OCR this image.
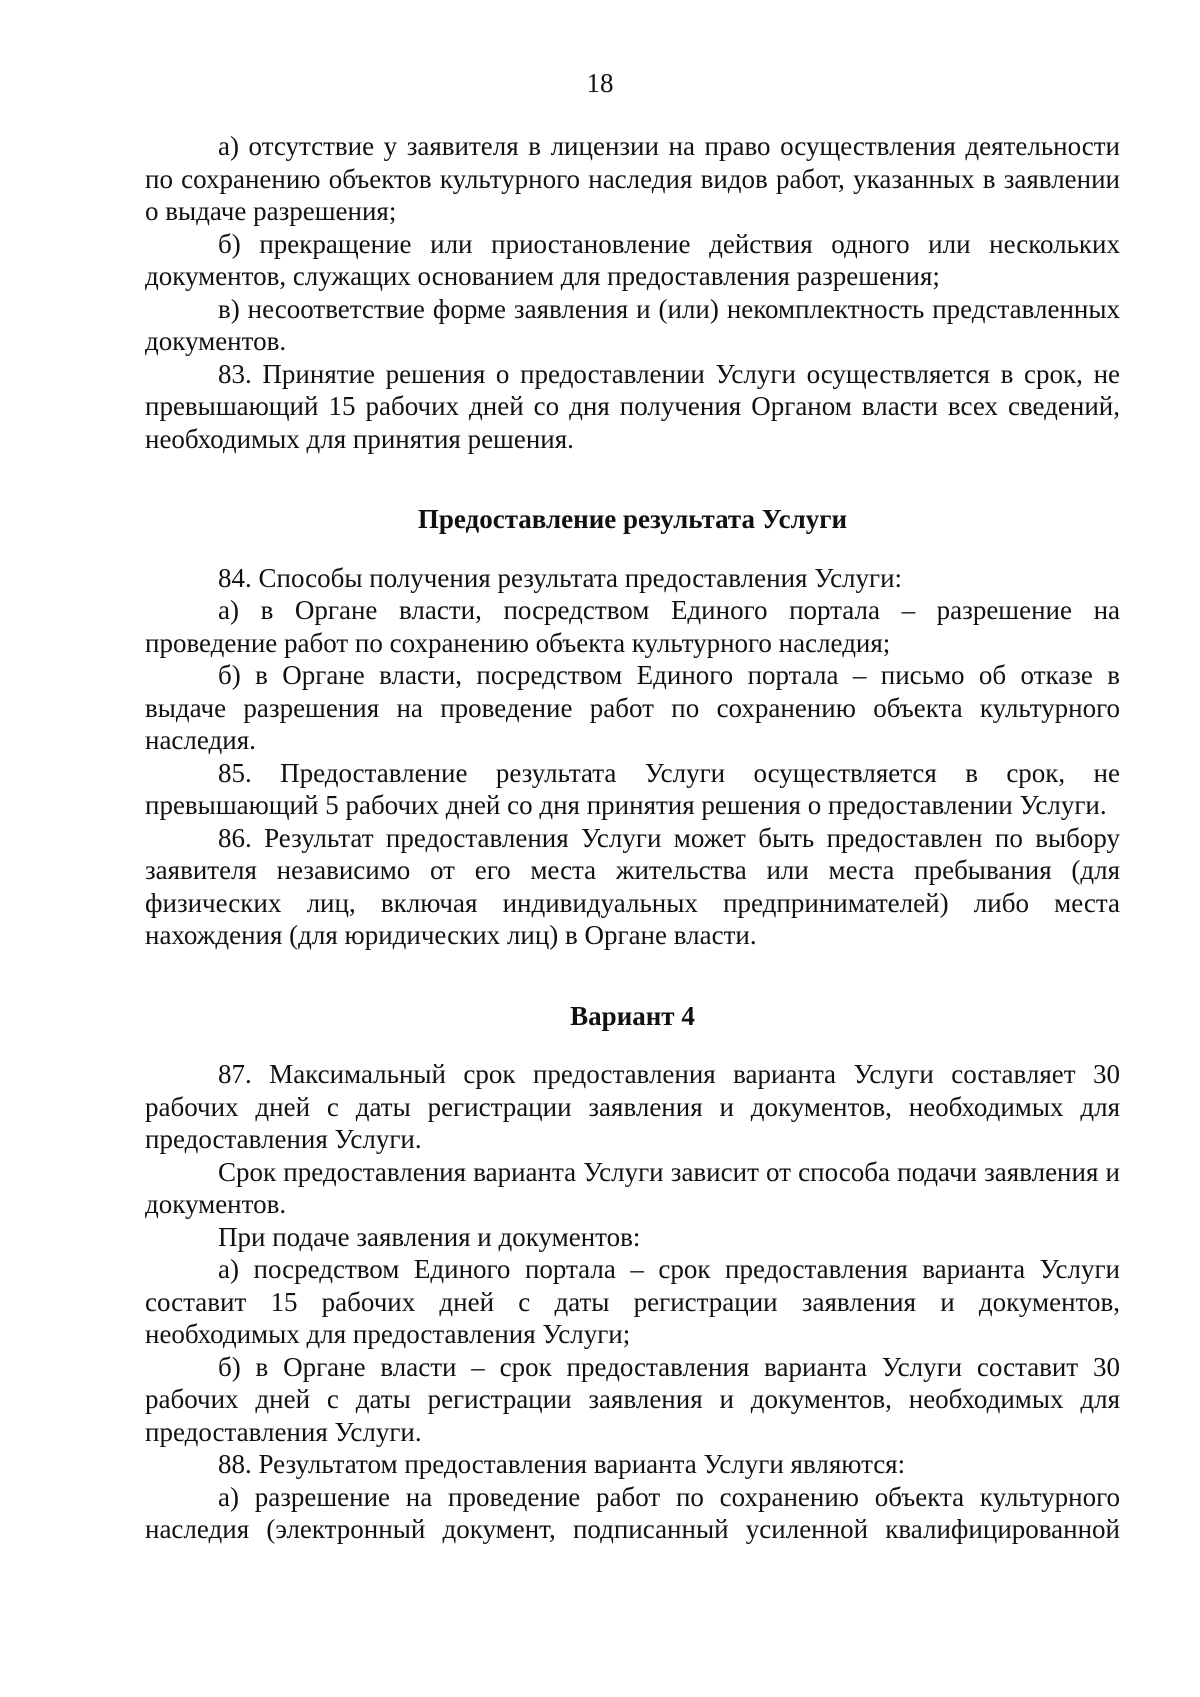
18

а) отсутствие у заявителя в лицензии на право осуществления деятельности по сохранению объектов культурного наследия видов работ, указанных в заявлении о выдаче разрешения;

б) прекращение или приостановление действия одного или нескольких документов, служащих основанием для предоставления разрешения;

в) несоответствие форме заявления и (или) некомплектность представленных документов.

83. Принятие решения о предоставлении Услуги осуществляется в срок, не превышающий 15 рабочих дней со дня получения Органом власти всех сведений, необходимых для принятия решения.

Предоставление результата Услуги

84. Способы получения результата предоставления Услуги:

а) в Органе власти, посредством Единого портала – разрешение на проведение работ по сохранению объекта культурного наследия;

б) в Органе власти, посредством Единого портала – письмо об отказе в выдаче разрешения на проведение работ по сохранению объекта культурного наследия.

85. Предоставление результата Услуги осуществляется в срок, не превышающий 5 рабочих дней со дня принятия решения о предоставлении Услуги.

86. Результат предоставления Услуги может быть предоставлен по выбору заявителя независимо от его места жительства или места пребывания (для физических лиц, включая индивидуальных предпринимателей) либо места нахождения (для юридических лиц) в Органе власти.

Вариант 4

87. Максимальный срок предоставления варианта Услуги составляет 30 рабочих дней с даты регистрации заявления и документов, необходимых для предоставления Услуги.

Срок предоставления варианта Услуги зависит от способа подачи заявления и документов.

При подаче заявления и документов:

а) посредством Единого портала – срок предоставления варианта Услуги составит 15 рабочих дней с даты регистрации заявления и документов, необходимых для предоставления Услуги;

б) в Органе власти – срок предоставления варианта Услуги составит 30 рабочих дней с даты регистрации заявления и документов, необходимых для предоставления Услуги.

88. Результатом предоставления варианта Услуги являются:

а) разрешение на проведение работ по сохранению объекта культурного наследия (электронный документ, подписанный усиленной квалифицированной
